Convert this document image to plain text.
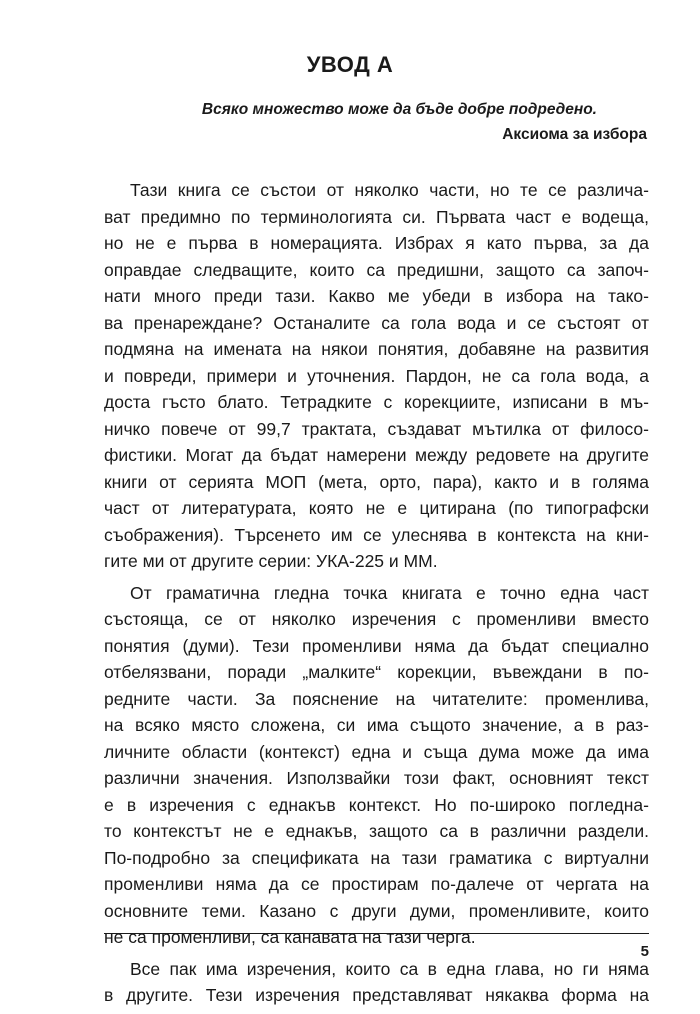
УВОД А
Всяко множество може да бъде добре подредено.
Аксиома за избора

Тази книга се състои от няколко части, но те се различа-
ват предимно по терминологията си. Първата част е водеща,
но не е първа в номерацията. Избрах я като първа, за да
оправдае следващите, които са предишни, защото са започ-
нати много преди тази. Какво ме убеди в избора на тако-
ва пренареждане? Останалите са гола вода и се състоят от
подмяна на имената на някои понятия, добавяне на развития
и повреди, примери и уточнения. Пардон, не са гола вода, а
доста гъсто блато. Тетрадките с корекциите, изписани в мъ-
ничко повече от 99,7 трактата, създават мътилка от филосо-
фистики. Могат да бъдат намерени между редовете на другите
книги от серията МОП (мета, орто, пара), както и в голяма
част от литературата, която не е цитирана (по типографски
съображения). Търсенето им се улеснява в контекста на кни-
гите ми от другите серии: УКА-225 и ММ.

От граматична гледна точка книгата е точно една част
състояща, се от няколко изречения с променливи вместо
понятия (думи). Тези променливи няма да бъдат специално
отбелязвани, поради „малките“ корекции, въвеждани в по-
редните части. За пояснение на читателите: променлива,
на всяко място сложена, си има същото значение, а в раз-
личните области (контекст) една и съща дума може да има
различни значения. Използвайки този факт, основният текст
е в изречения с еднакъв контекст. Но по-широко погледна-
то контекстът не е еднакъв, защото са в различни раздели.
По-подробно за спецификата на тази граматика с виртуални
променливи няма да се простирам по-далече от чергата на
основните теми. Казано с други думи, променливите, които
не са променливи, са канавата на тази черга.

Все пак има изречения, които са в една глава, но ги няма
в другите. Тези изречения представляват някаква форма на

5
